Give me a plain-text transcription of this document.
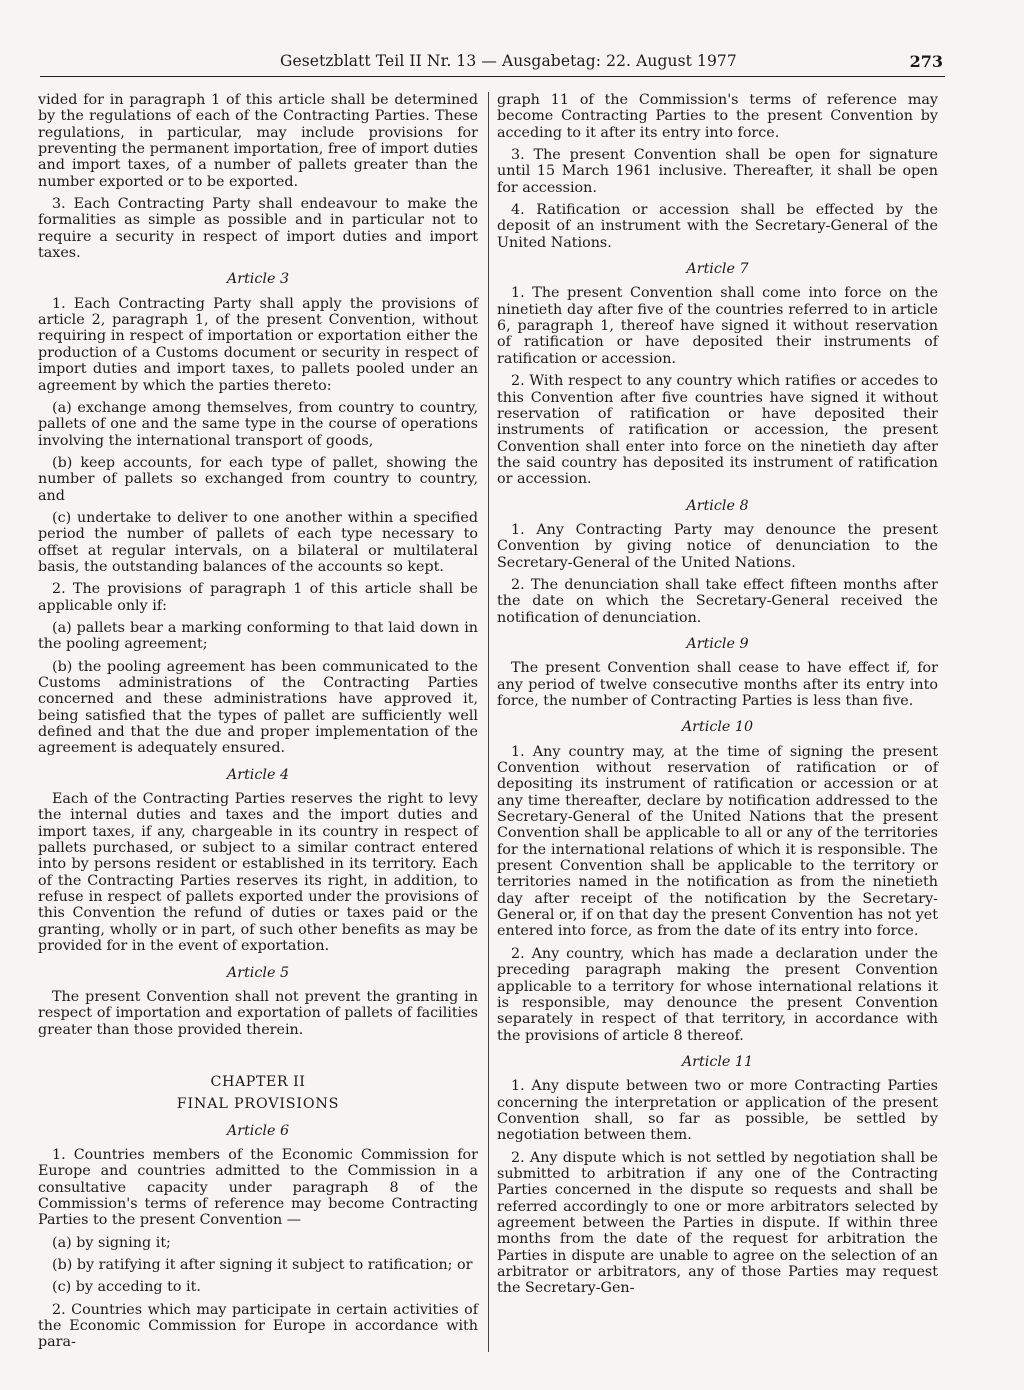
Gesetzblatt Teil II Nr. 13 — Ausgabetag: 22. August 1977	273

vided for in paragraph 1 of this article shall be determined by the regulations of each of the Contracting Parties. These regulations, in particular, may include provisions for preventing the permanent importation, free of import duties and import taxes, of a number of pallets greater than the number exported or to be exported.

3. Each Contracting Party shall endeavour to make the formalities as simple as possible and in particular not to require a security in respect of import duties and import taxes.

Article 3

1. Each Contracting Party shall apply the provisions of article 2, paragraph 1, of the present Convention, without requiring in respect of importation or exportation either the production of a Customs document or security in respect of import duties and import taxes, to pallets pooled under an agreement by which the parties thereto:

(a) exchange among themselves, from country to country, pallets of one and the same type in the course of operations involving the international transport of goods,

(b) keep accounts, for each type of pallet, showing the number of pallets so exchanged from country to country, and

(c) undertake to deliver to one another within a specified period the number of pallets of each type necessary to offset at regular intervals, on a bilateral or multilateral basis, the outstanding balances of the accounts so kept.

2. The provisions of paragraph 1 of this article shall be applicable only if:

(a) pallets bear a marking conforming to that laid down in the pooling agreement;

(b) the pooling agreement has been communicated to the Customs administrations of the Contracting Parties concerned and these administrations have approved it, being satisfied that the types of pallet are sufficiently well defined and that the due and proper implementation of the agreement is adequately ensured.

Article 4

Each of the Contracting Parties reserves the right to levy the internal duties and taxes and the import duties and import taxes, if any, chargeable in its country in respect of pallets purchased, or subject to a similar contract entered into by persons resident or established in its territory. Each of the Contracting Parties reserves its right, in addition, to refuse in respect of pallets exported under the provisions of this Convention the refund of duties or taxes paid or the granting, wholly or in part, of such other benefits as may be provided for in the event of exportation.

Article 5

The present Convention shall not prevent the granting in respect of importation and exportation of pallets of facilities greater than those provided therein.

CHAPTER II
FINAL PROVISIONS
Article 6

1. Countries members of the Economic Commission for Europe and countries admitted to the Commission in a consultative capacity under paragraph 8 of the Commission's terms of reference may become Contracting Parties to the present Convention —

(a) by signing it;

(b) by ratifying it after signing it subject to ratification; or

(c) by acceding to it.

2. Countries which may participate in certain activities of the Economic Commission for Europe in accordance with para-

graph 11 of the Commission's terms of reference may become Contracting Parties to the present Convention by acceding to it after its entry into force.

3. The present Convention shall be open for signature until 15 March 1961 inclusive. Thereafter, it shall be open for accession.

4. Ratification or accession shall be effected by the deposit of an instrument with the Secretary-General of the United Nations.

Article 7

1. The present Convention shall come into force on the ninetieth day after five of the countries referred to in article 6, paragraph 1, thereof have signed it without reservation of ratification or have deposited their instruments of ratification or accession.

2. With respect to any country which ratifies or accedes to this Convention after five countries have signed it without reservation of ratification or have deposited their instruments of ratification or accession, the present Convention shall enter into force on the ninetieth day after the said country has deposited its instrument of ratification or accession.

Article 8

1. Any Contracting Party may denounce the present Convention by giving notice of denunciation to the Secretary-General of the United Nations.

2. The denunciation shall take effect fifteen months after the date on which the Secretary-General received the notification of denunciation.

Article 9

The present Convention shall cease to have effect if, for any period of twelve consecutive months after its entry into force, the number of Contracting Parties is less than five.

Article 10

1. Any country may, at the time of signing the present Convention without reservation of ratification or of depositing its instrument of ratification or accession or at any time thereafter, declare by notification addressed to the Secretary-General of the United Nations that the present Convention shall be applicable to all or any of the territories for the international relations of which it is responsible. The present Convention shall be applicable to the territory or territories named in the notification as from the ninetieth day after receipt of the notification by the Secretary-General or, if on that day the present Convention has not yet entered into force, as from the date of its entry into force.

2. Any country, which has made a declaration under the preceding paragraph making the present Convention applicable to a territory for whose international relations it is responsible, may denounce the present Convention separately in respect of that territory, in accordance with the provisions of article 8 thereof.

Article 11

1. Any dispute between two or more Contracting Parties concerning the interpretation or application of the present Convention shall, so far as possible, be settled by negotiation between them.

2. Any dispute which is not settled by negotiation shall be submitted to arbitration if any one of the Contracting Parties concerned in the dispute so requests and shall be referred accordingly to one or more arbitrators selected by agreement between the Parties in dispute. If within three months from the date of the request for arbitration the Parties in dispute are unable to agree on the selection of an arbitrator or arbitrators, any of those Parties may request the Secretary-Gen-
